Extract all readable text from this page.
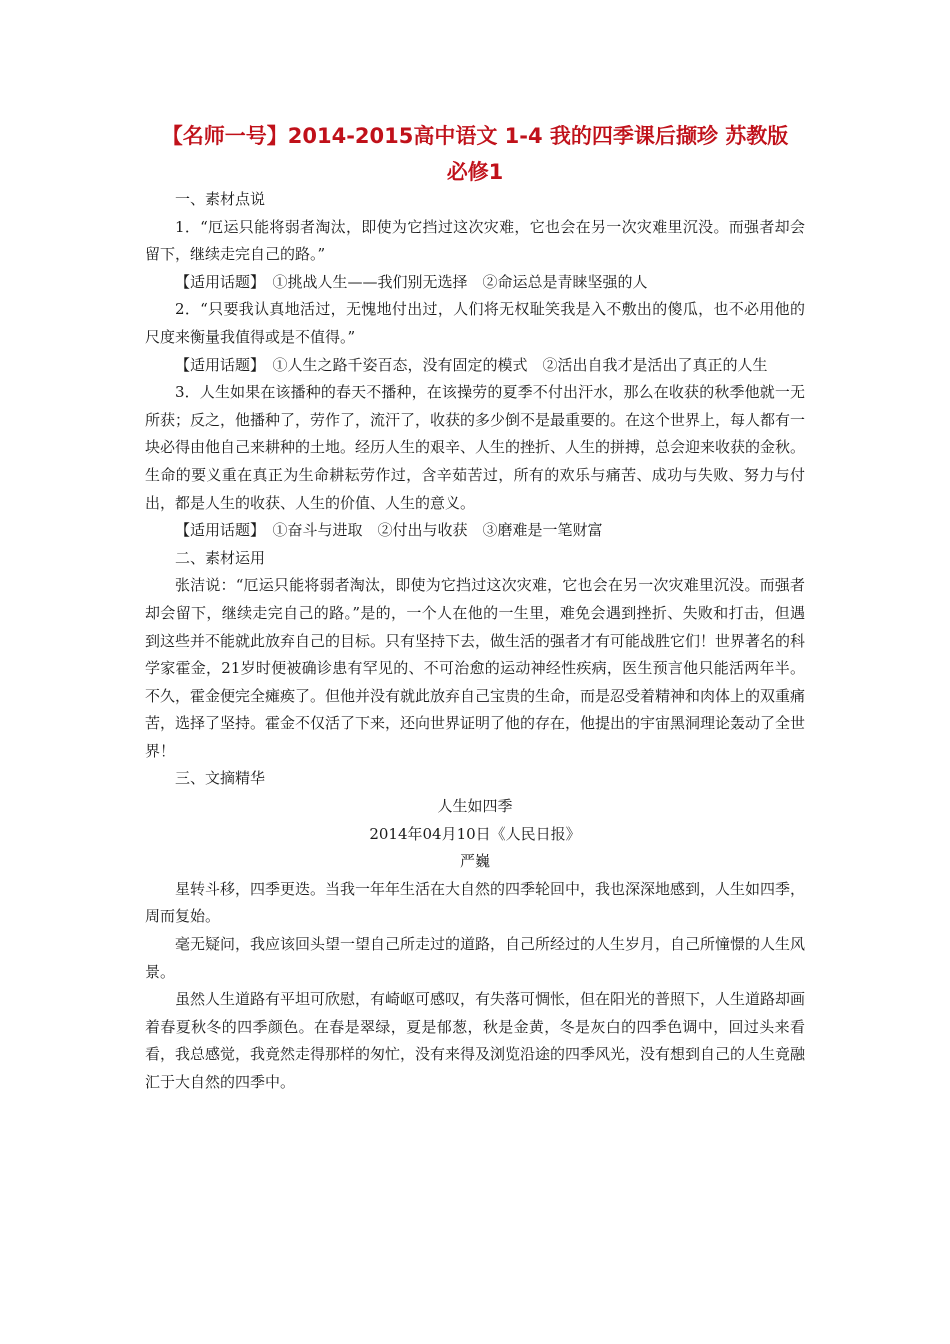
【名师一号】2014-2015高中语文 1-4 我的四季课后撷珍 苏教版
必修1

一、素材点说

1．“厄运只能将弱者淘汰，即使为它挡过这次灾难，它也会在另一次灾难里沉没。而强者却会留下，继续走完自己的路。”

【适用话题】　①挑战人生——我们别无选择　②命运总是青睐坚强的人

2．“只要我认真地活过，无愧地付出过，人们将无权耻笑我是入不敷出的傻瓜，也不必用他的尺度来衡量我值得或是不值得。”

【适用话题】　①人生之路千姿百态，没有固定的模式　②活出自我才是活出了真正的人生

3．人生如果在该播种的春天不播种，在该操劳的夏季不付出汗水，那么在收获的秋季他就一无所获；反之，他播种了，劳作了，流汗了，收获的多少倒不是最重要的。在这个世界上，每人都有一块必得由他自己来耕种的土地。经历人生的艰辛、人生的挫折、人生的拼搏，总会迎来收获的金秋。生命的要义重在真正为生命耕耘劳作过，含辛茹苦过，所有的欢乐与痛苦、成功与失败、努力与付出，都是人生的收获、人生的价值、人生的意义。

【适用话题】　①奋斗与进取　②付出与收获　③磨难是一笔财富

二、素材运用

张洁说：“厄运只能将弱者淘汰，即使为它挡过这次灾难，它也会在另一次灾难里沉没。而强者却会留下，继续走完自己的路。”是的，一个人在他的一生里，难免会遇到挫折、失败和打击，但遇到这些并不能就此放弃自己的目标。只有坚持下去，做生活的强者才有可能战胜它们！世界著名的科学家霍金，21岁时便被确诊患有罕见的、不可治愈的运动神经性疾病，医生预言他只能活两年半。不久，霍金便完全瘫痪了。但他并没有就此放弃自己宝贵的生命，而是忍受着精神和肉体上的双重痛苦，选择了坚持。霍金不仅活了下来，还向世界证明了他的存在，他提出的宇宙黑洞理论轰动了全世界！

三、文摘精华

人生如四季

2014年04月10日《人民日报》

严巍

星转斗移，四季更迭。当我一年年生活在大自然的四季轮回中，我也深深地感到，人生如四季，周而复始。

毫无疑问，我应该回头望一望自己所走过的道路，自己所经过的人生岁月，自己所憧憬的人生风景。

虽然人生道路有平坦可欣慰，有崎岖可感叹，有失落可惆怅，但在阳光的普照下，人生道路却画着春夏秋冬的四季颜色。在春是翠绿，夏是郁葱，秋是金黄，冬是灰白的四季色调中，回过头来看看，我总感觉，我竟然走得那样的匆忙，没有来得及浏览沿途的四季风光，没有想到自己的人生竟融汇于大自然的四季中。
